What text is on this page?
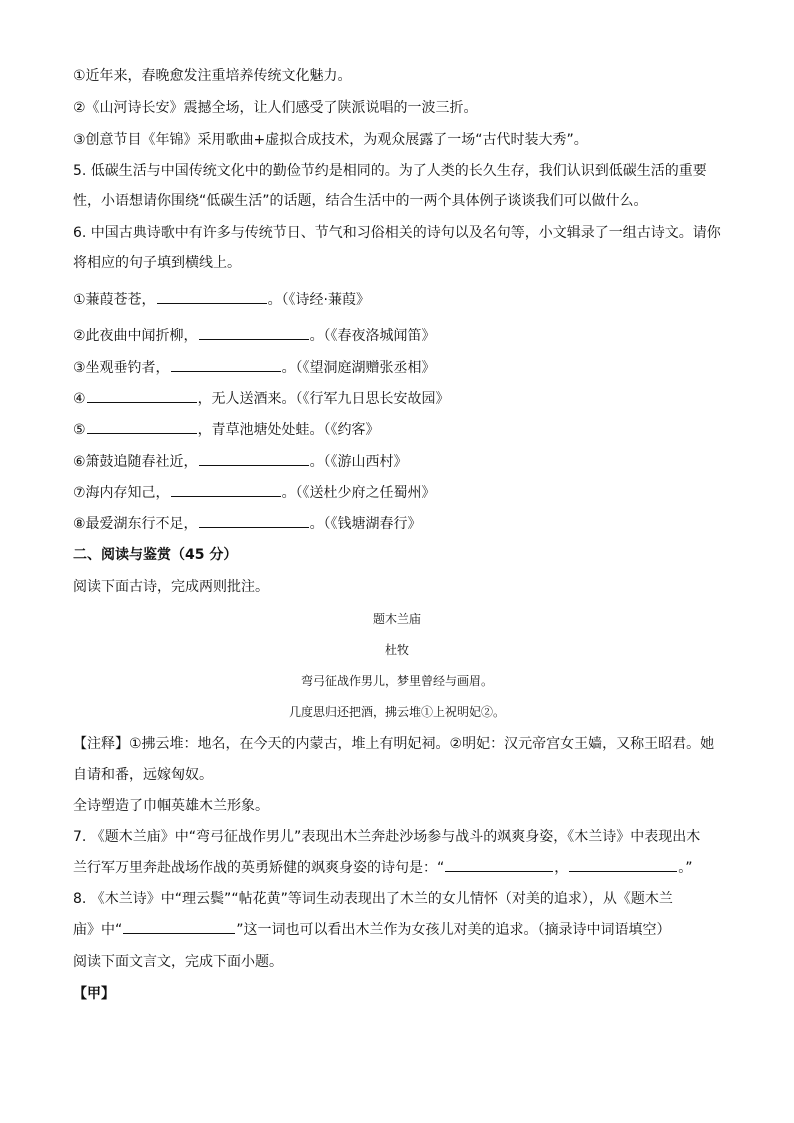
①近年来，春晚愈发注重培养传统文化魅力。
②《山河诗长安》震撼全场，让人们感受了陕派说唱的一波三折。
③创意节目《年锦》采用歌曲+虚拟合成技术，为观众展露了一场“古代时装大秀”。
5. 低碳生活与中国传统文化中的勤俭节约是相同的。为了人类的长久生存，我们认识到低碳生活的重要
性，小语想请你围绕“低碳生活”的话题，结合生活中的一两个具体例子谈谈我们可以做什么。
6. 中国古典诗歌中有许多与传统节日、节气和习俗相关的诗句以及名句等，小文辑录了一组古诗文。请你
将相应的句子填到横线上。
①蒹葭苍苍，	。（《诗经·蒹葭》
②此夜曲中闻折柳，	。（《春夜洛城闻笛》
③坐观垂钓者，	。（《望洞庭湖赠张丞相》
④	，无人送酒来。（《行军九日思长安故园》
⑤	，青草池塘处处蛙。（《约客》
⑥箫鼓追随春社近，	。（《游山西村》
⑦海内存知己，	。（《送杜少府之任蜀州》
⑧最爱湖东行不足，	。（《钱塘湖春行》
二、阅读与鉴赏（45 分）
阅读下面古诗，完成两则批注。
题木兰庙
杜牧
弯弓征战作男儿，梦里曾经与画眉。
几度思归还把酒，拂云堆①上祝明妃②。
【注释】①拂云堆：地名，在今天的内蒙古，堆上有明妃祠。②明妃：汉元帝宫女王嫱，又称王昭君。她
自请和番，远嫁匈奴。
全诗塑造了巾帼英雄木兰形象。
7. 《题木兰庙》中“弯弓征战作男儿”表现出木兰奔赴沙场参与战斗的飒爽身姿，《木兰诗》中表现出木
兰行军万里奔赴战场作战的英勇矫健的飒爽身姿的诗句是：“	，	。”
8. 《木兰诗》中“理云鬓”“帖花黄”等词生动表现出了木兰的女儿情怀（对美的追求），从《题木兰
庙》中“	”这一词也可以看出木兰作为女孩儿对美的追求。（摘录诗中词语填空）
阅读下面文言文，完成下面小题。
【甲】
